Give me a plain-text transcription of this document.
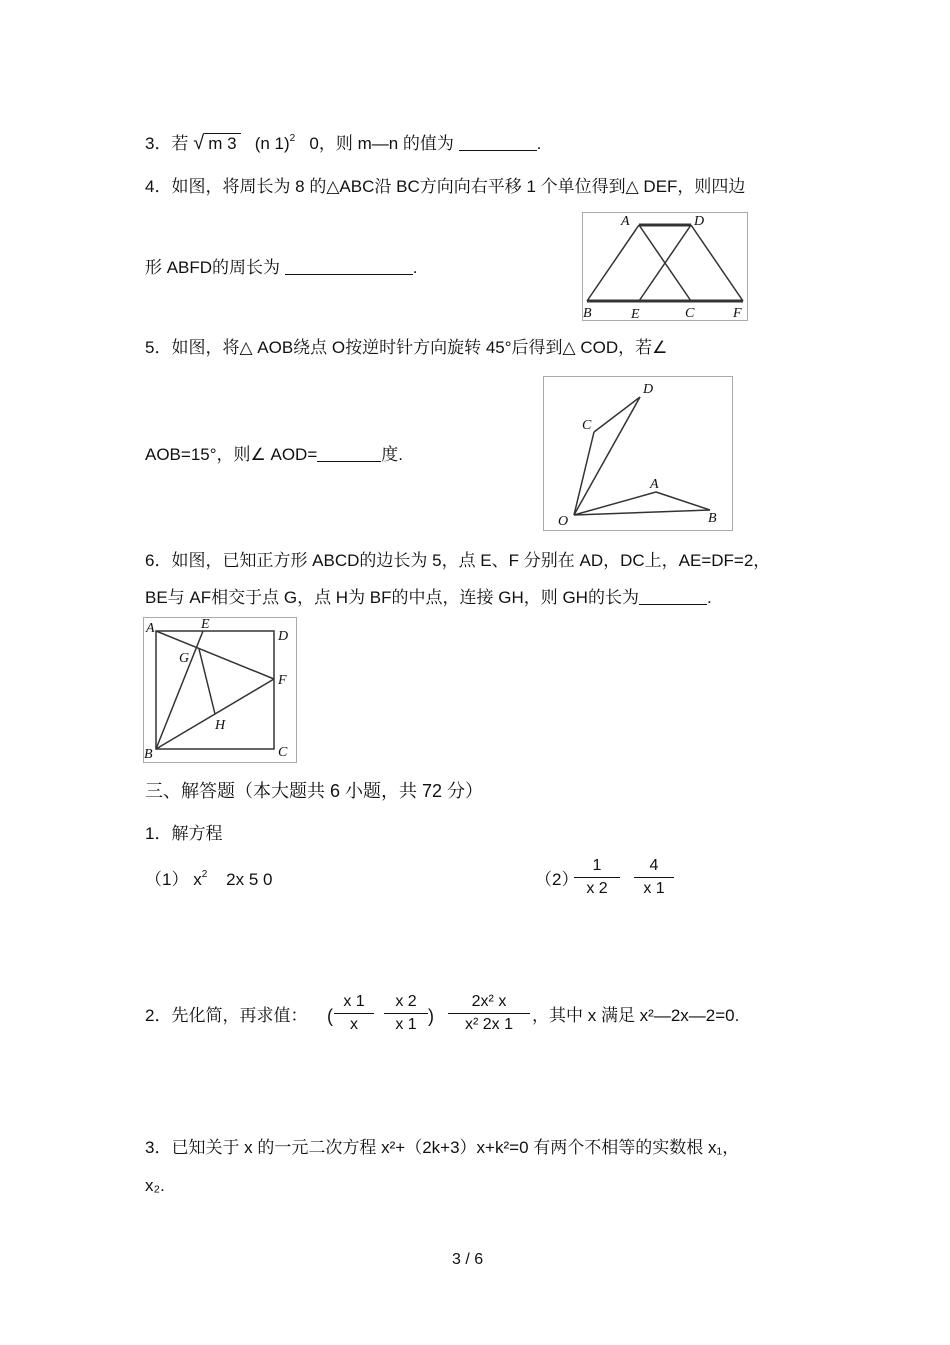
3．若 √ m 3 (n 1)$^2$ 0，则 m—n 的值为	.
4．如图，将周长为 8 的△ABC沿 BC方向向右平移 1 个单位得到△ DEF，则四边
形 ABFD的周长为	.
A	D
B	E	C	F
5．如图，将△ AOB绕点 O按逆时针方向旋转 45°后得到△ COD，若∠
AOB=15°，则∠ AOD=	度.
D
C
A
O	B
6．如图，已知正方形 ABCD的边长为 5，点 E、F 分别在 AD，DC上，AE=DF=2，
BE与 AF相交于点 G，点 H为 BF的中点，连接 GH，则 GH的长为	.
A	E
D
G
F
H
B	C
三、解答题（本大题共 6 小题，共 72 分）
1．解方程
（1） $x^2$ 2x 5 0	（2）
$\frac{1}{x 2} \frac{4}{x 1}$
2．先化简，再求值： ( $\frac{x 1}{x} \frac{x 2}{x 1}$ ) $\frac{\text{2x² x}}{\text{x² 2x 1}}$ ，其中 x 满足 x²—2x—2=0.
3．已知关于 x 的一元二次方程 x²+（2k+3）x+k²=0 有两个不相等的实数根 x₁，
x₂.
3 / 6
